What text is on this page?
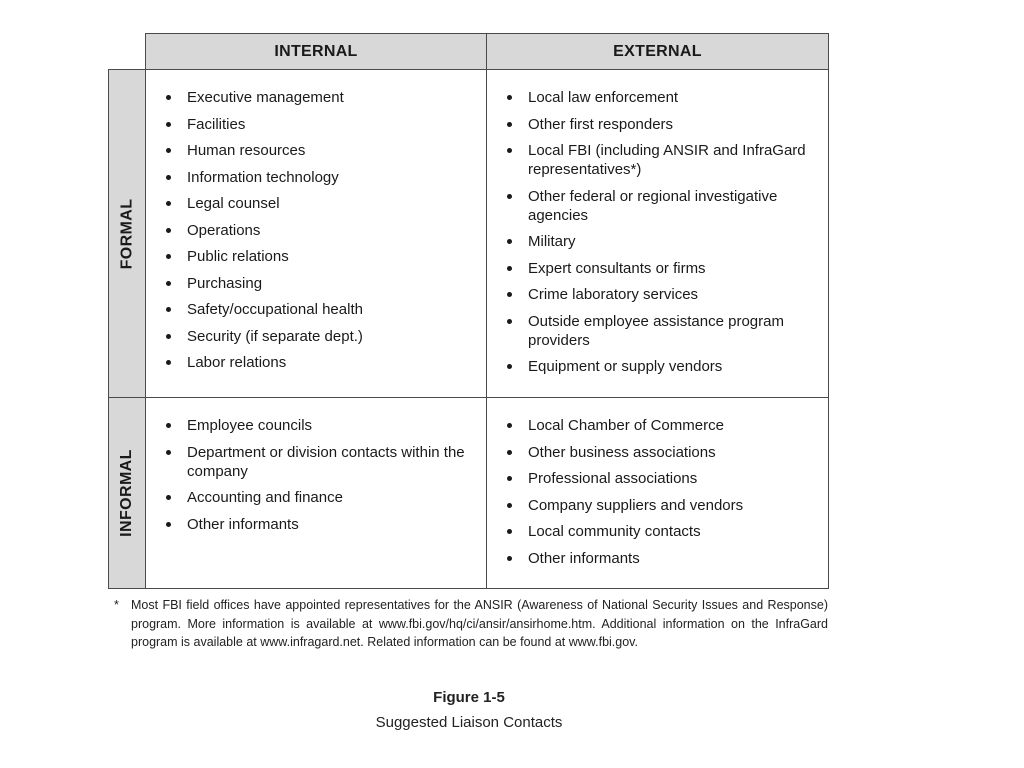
INTERNAL	EXTERNAL
FORMAL
Executive management
Facilities
Human resources
Information technology
Legal counsel
Operations
Public relations
Purchasing
Safety/occupational health
Security (if separate dept.)
Labor relations
Local law enforcement
Other first responders
Local FBI (including ANSIR and InfraGard representatives*)
Other federal or regional investigative agencies
Military
Expert consultants or firms
Crime laboratory services
Outside employee assistance program providers
Equipment or supply vendors
INFORMAL
Employee councils
Department or division contacts within the company
Accounting and finance
Other informants
Local Chamber of Commerce
Other business associations
Professional associations
Company suppliers and vendors
Local community contacts
Other informants
* Most FBI field offices have appointed representatives for the ANSIR (Awareness of National Security Issues and Response) program. More information is available at www.fbi.gov/hq/ci/ansir/ansirhome.htm. Additional information on the InfraGard program is available at www.infragard.net. Related information can be found at www.fbi.gov.
Figure 1-5
Suggested Liaison Contacts
